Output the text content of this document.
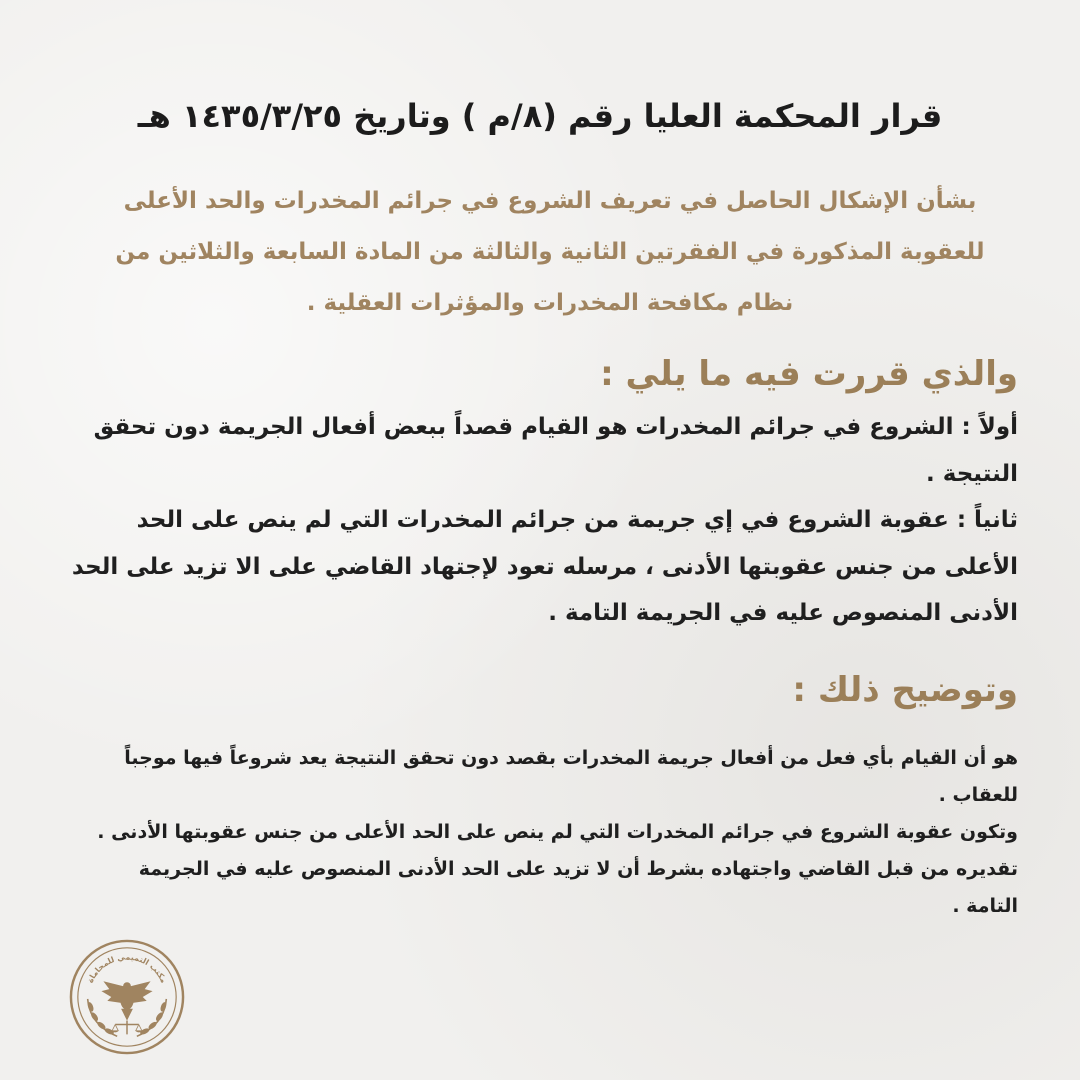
قرار المحكمة العليا رقم (٨/م ) وتاريخ ١٤٣٥/٣/٢٥ هـ

بشأن الإشكال الحاصل في تعريف الشروع في جرائم المخدرات والحد الأعلى للعقوبة المذكورة في الفقرتين الثانية والثالثة من المادة السابعة والثلاثين من نظام مكافحة المخدرات والمؤثرات العقلية .

والذي قررت فيه ما يلي :

أولاً : الشروع في جرائم المخدرات هو القيام قصداً ببعض أفعال الجريمة دون تحقق النتيجة .

ثانياً : عقوبة الشروع في إي جريمة من جرائم المخدرات التي لم ينص على الحد الأعلى من جنس عقوبتها الأدنى ، مرسله تعود لإجتهاد القاضي على الا تزيد على الحد الأدنى المنصوص عليه في الجريمة التامة .

وتوضيح ذلك :

هو أن القيام بأي فعل من أفعال جريمة المخدرات بقصد دون تحقق النتيجة يعد شروعاً فيها موجباً للعقاب .

وتكون عقوبة الشروع في جرائم المخدرات التي لم ينص على الحد الأعلى من جنس عقوبتها الأدنى .

تقديره من قبل القاضي واجتهاده بشرط أن لا تزيد على الحد الأدنى المنصوص عليه في الجريمة التامة .

مكتب التميمي للمحاماة
